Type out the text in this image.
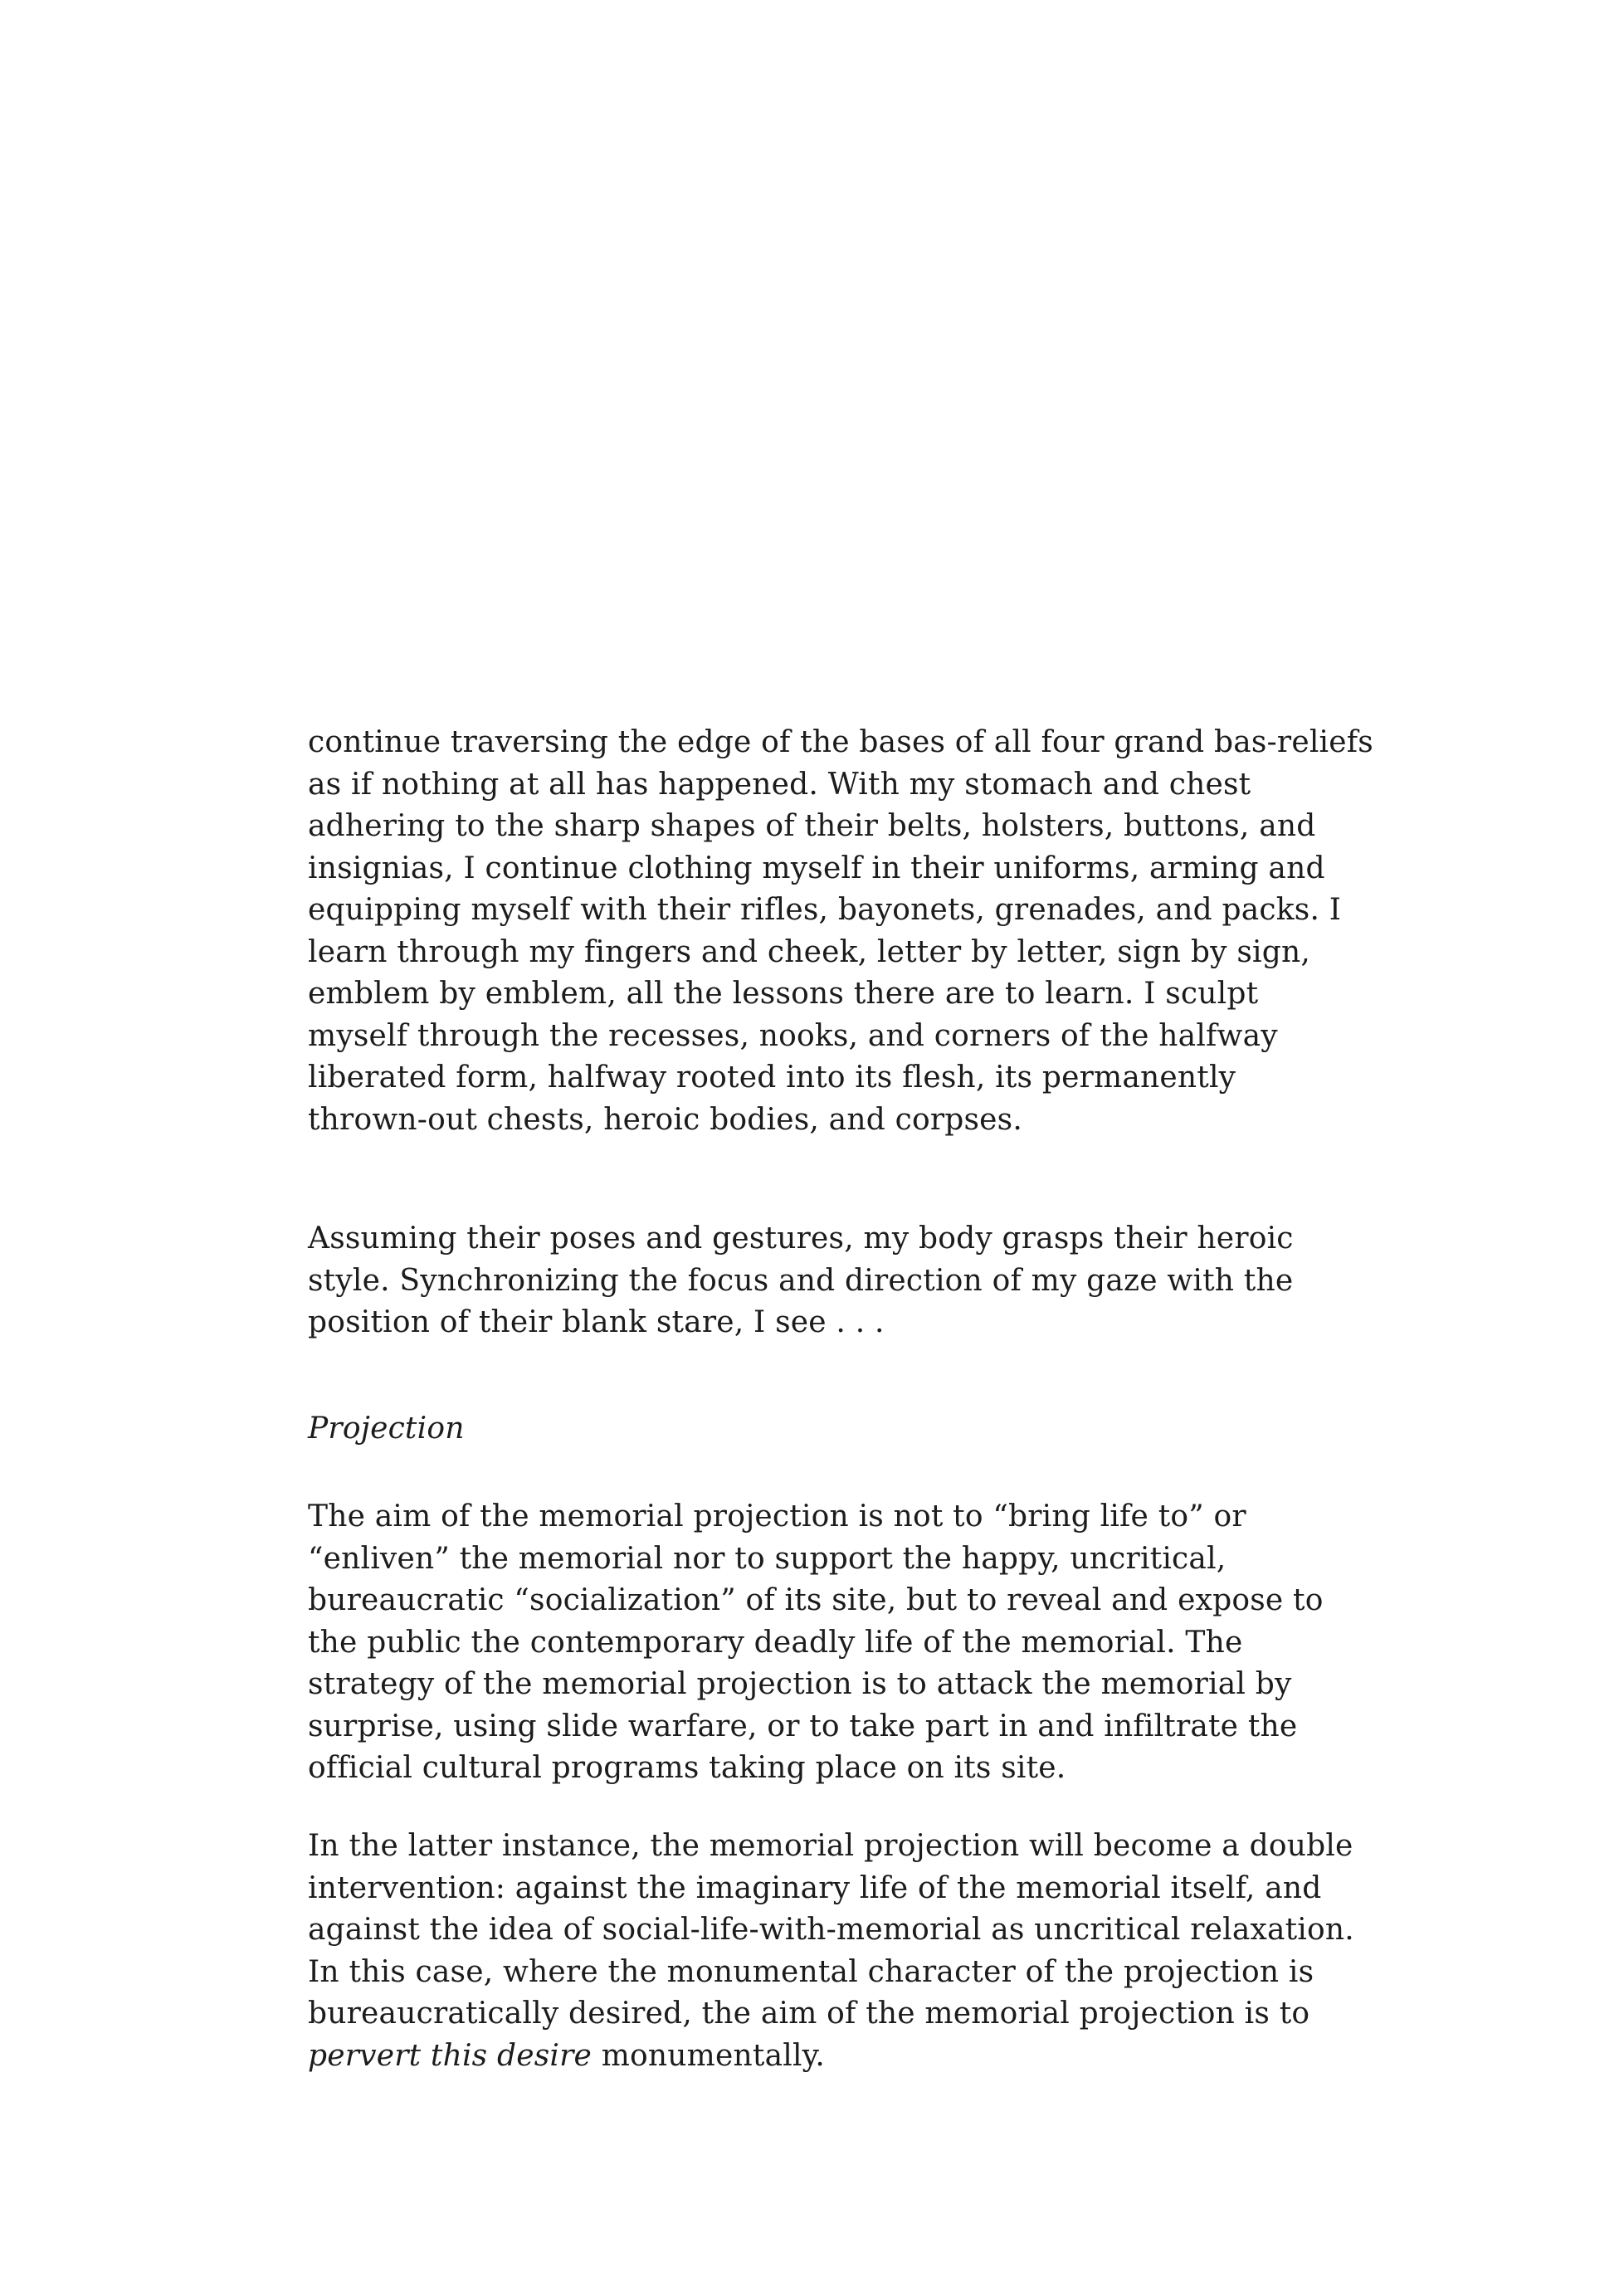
continue traversing the edge of the bases of all four grand bas-reliefs
as if nothing at all has happened. With my stomach and chest
adhering to the sharp shapes of their belts, holsters, buttons, and
insignias, I continue clothing myself in their uniforms, arming and
equipping myself with their rifles, bayonets, grenades, and packs. I
learn through my fingers and cheek, letter by letter, sign by sign,
emblem by emblem, all the lessons there are to learn. I sculpt
myself through the recesses, nooks, and corners of the halfway
liberated form, halfway rooted into its flesh, its permanently
thrown-out chests, heroic bodies, and corpses.
Assuming their poses and gestures, my body grasps their heroic
style. Synchronizing the focus and direction of my gaze with the
position of their blank stare, I see . . .
Projection
The aim of the memorial projection is not to “bring life to” or
“enliven” the memorial nor to support the happy, uncritical,
bureaucratic “socialization” of its site, but to reveal and expose to
the public the contemporary deadly life of the memorial. The
strategy of the memorial projection is to attack the memorial by
surprise, using slide warfare, or to take part in and infiltrate the
official cultural programs taking place on its site.
In the latter instance, the memorial projection will become a double
intervention: against the imaginary life of the memorial itself, and
against the idea of social-life-with-memorial as uncritical relaxation.
In this case, where the monumental character of the projection is
bureaucratically desired, the aim of the memorial projection is to
pervert this desire monumentally.
